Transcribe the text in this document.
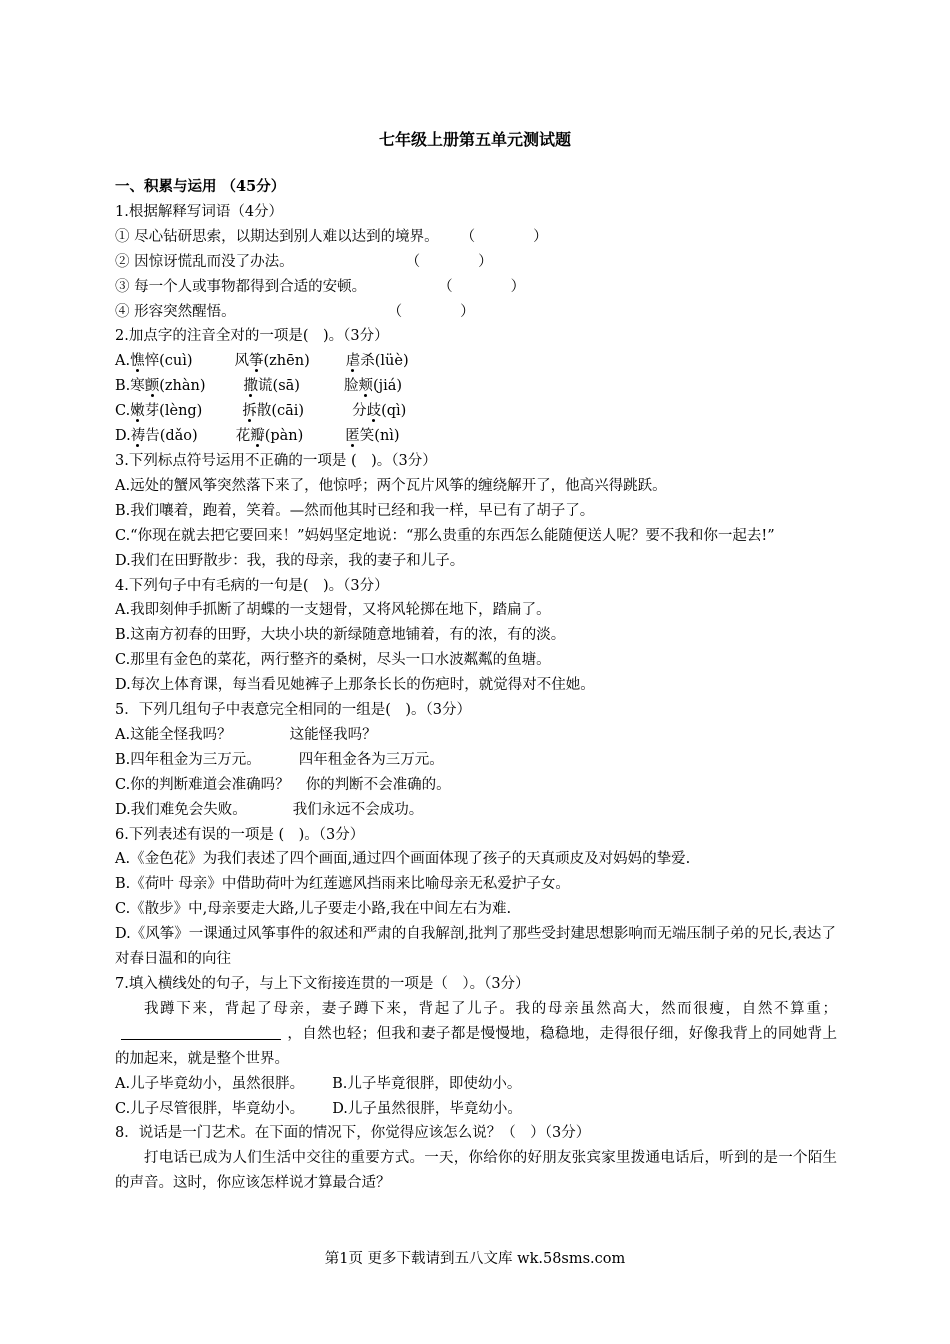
七年级上册第五单元测试题
一、积累与运用 （45分）
1.根据解释写词语（4分）
① 尽心钻研思索，以期达到别人难以达到的境界。 （　　　　）
② 因惊讶慌乱而没了办法。	（　　　　）
③ 每一个人或事物都得到合适的安顿。	（　　　　）
④ 形容突然醒悟。	（　　　　）
2.加点字的注音全对的一项是(　)。（3分）
A.憔悴(cuì)	风筝(zhēn) 虐杀(lüè)
B.寒颤(zhàn)	撒谎(sā)	脸颊(jiá)
C.嫩芽(lèng)	拆散(cāi)	分歧(qì)
D.祷告(dǎo)	花瓣(pàn)	匿笑(nì)
3.下列标点符号运用不正确的一项是 (　)。（3分）
A.远处的蟹风筝突然落下来了，他惊呼；两个瓦片风筝的缠绕解开了，他高兴得跳跃。
B.我们嚷着，跑着，笑着。—然而他其时已经和我一样，早已有了胡子了。
C.“你现在就去把它要回来！”妈妈坚定地说：“那么贵重的东西怎么能随便送人呢？要不我和你一起去!”
D.我们在田野散步：我，我的母亲，我的妻子和儿子。
4.下列句子中有毛病的一句是(　)。（3分）
A.我即刻伸手抓断了胡蝶的一支翅骨，又将风轮掷在地下，踏扁了。
B.这南方初春的田野，大块小块的新绿随意地铺着，有的浓，有的淡。
C.那里有金色的菜花，两行整齐的桑树，尽头一口水波粼粼的鱼塘。
D.每次上体育课，每当看见她裤子上那条长长的伤疤时，就觉得对不住她。
5．下列几组句子中表意完全相同的一组是(　)。（3分）
A.这能全怪我吗？	这能怪我吗？
B.四年租金为三万元。	四年租金各为三万元。
C.你的判断难道会准确吗？ 你的判断不会准确的。
D.我们难免会失败。	我们永远不会成功。
6.下列表述有误的一项是 (　)。（3分）
A.《金色花》为我们表述了四个画面,通过四个画面体现了孩子的天真顽皮及对妈妈的挚爱.
B.《荷叶 母亲》中借助荷叶为红莲遮风挡雨来比喻母亲无私爱护子女。
C.《散步》中,母亲要走大路,儿子要走小路,我在中间左右为难.
D.《风筝》一课通过风筝事件的叙述和严肃的自我解剖,批判了那些受封建思想影响而无端压制子弟的兄长,表达了对春日温和的向往
7.填入横线处的句子，与上下文衔接连贯的一项是（　）。（3分）
我蹲下来，背起了母亲，妻子蹲下来，背起了儿子。我的母亲虽然高大，然而很瘦，自然不算重；，自然也轻；但我和妻子都是慢慢地，稳稳地，走得很仔细，好像我背上的同她背上的加起来，就是整个世界。
A.儿子毕竟幼小，虽然很胖。 B.儿子毕竟很胖，即使幼小。
C.儿子尽管很胖，毕竟幼小。 D.儿子虽然很胖，毕竟幼小。
8．说话是一门艺术。在下面的情况下，你觉得应该怎么说？（　）（3分）
打电话已成为人们生活中交往的重要方式。一天，你给你的好朋友张宾家里拨通电话后，听到的是一个陌生的声音。这时，你应该怎样说才算最合适？
第1页 更多下载请到五八文库 wk.58sms.com
